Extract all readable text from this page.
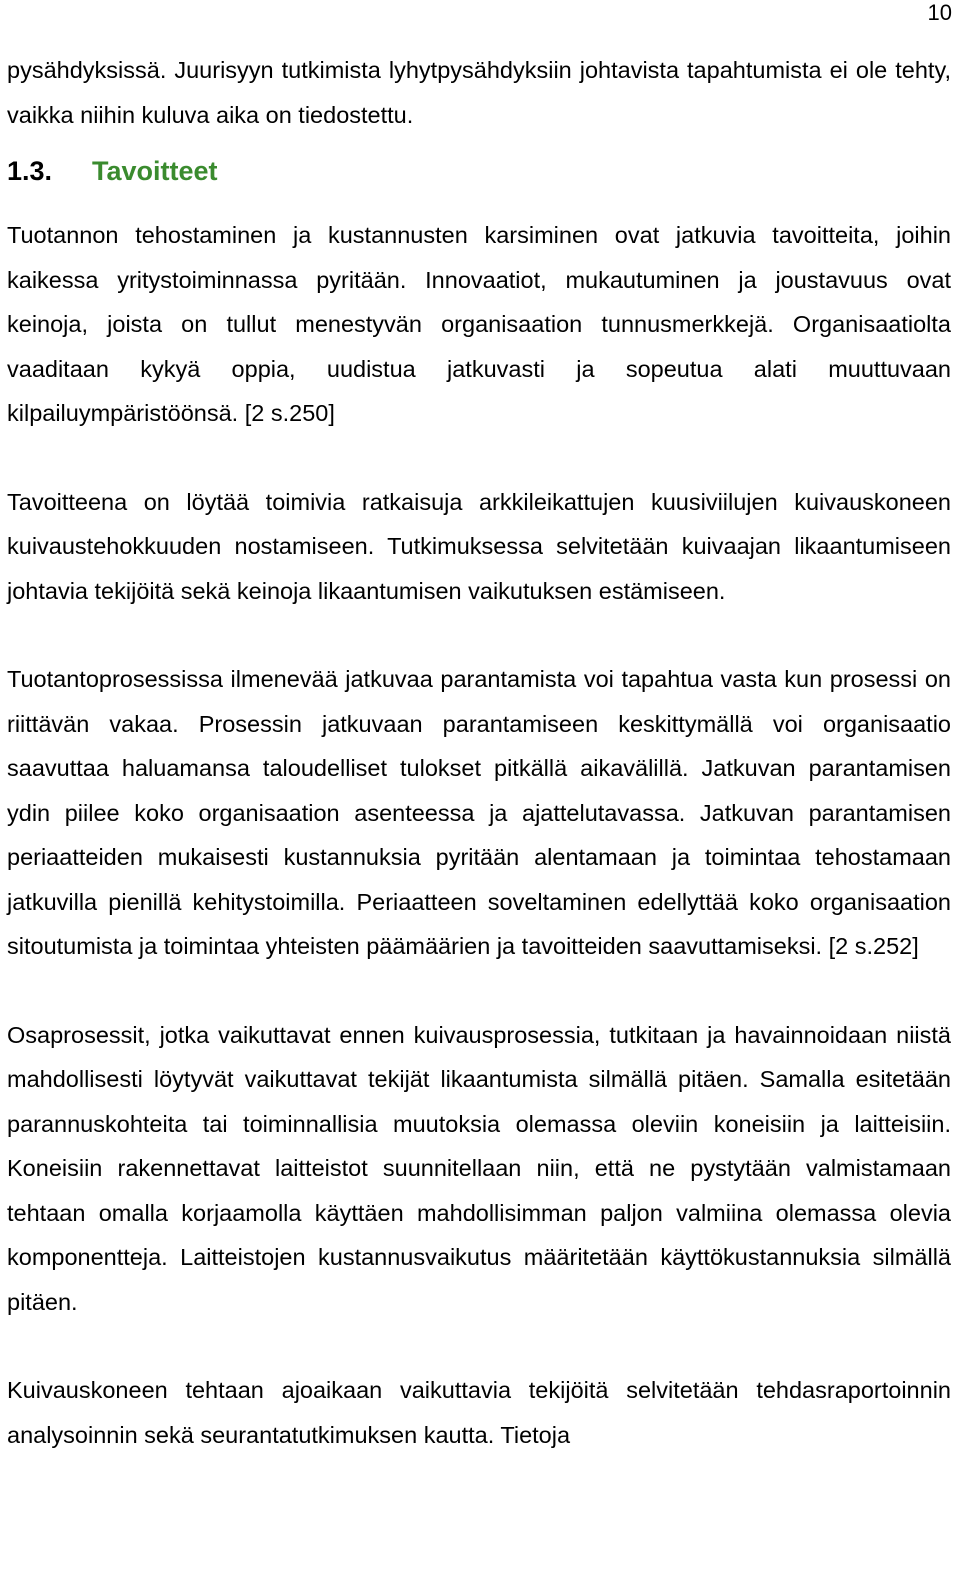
10

pysähdyksissä. Juurisyyn tutkimista lyhytpysähdyksiin johtavista tapahtumista ei ole tehty, vaikka niihin kuluva aika on tiedostettu.

1.3.	Tavoitteet

Tuotannon tehostaminen ja kustannusten karsiminen ovat jatkuvia tavoitteita, joihin kaikessa yritystoiminnassa pyritään. Innovaatiot, mukautuminen ja joustavuus ovat keinoja, joista on tullut menestyvän organisaation tunnusmerkkejä. Organisaatiolta vaaditaan kykyä oppia, uudistua jatkuvasti ja sopeutua alati muuttuvaan kilpailuympäristöönsä. [2 s.250]

Tavoitteena on löytää toimivia ratkaisuja arkkileikattujen kuusiviilujen kuivauskoneen kuivaustehokkuuden nostamiseen. Tutkimuksessa selvitetään kuivaajan likaantumiseen johtavia tekijöitä sekä keinoja likaantumisen vaikutuksen estämiseen.

Tuotantoprosessissa ilmenevää jatkuvaa parantamista voi tapahtua vasta kun prosessi on riittävän vakaa. Prosessin jatkuvaan parantamiseen keskittymällä voi organisaatio saavuttaa haluamansa taloudelliset tulokset pitkällä aikavälillä. Jatkuvan parantamisen ydin piilee koko organisaation asenteessa ja ajattelutavassa. Jatkuvan parantamisen periaatteiden mukaisesti kustannuksia pyritään alentamaan ja toimintaa tehostamaan jatkuvilla pienillä kehitystoimilla. Periaatteen soveltaminen edellyttää koko organisaation sitoutumista ja toimintaa yhteisten päämäärien ja tavoitteiden saavuttamiseksi. [2 s.252]

Osaprosessit, jotka vaikuttavat ennen kuivausprosessia, tutkitaan ja havainnoidaan niistä mahdollisesti löytyvät vaikuttavat tekijät likaantumista silmällä pitäen. Samalla esitetään parannuskohteita tai toiminnallisia muutoksia olemassa oleviin koneisiin ja laitteisiin. Koneisiin rakennettavat laitteistot suunnitellaan niin, että ne pystytään valmistamaan tehtaan omalla korjaamolla käyttäen mahdollisimman paljon valmiina olemassa olevia komponentteja. Laitteistojen kustannusvaikutus määritetään käyttökustannuksia silmällä pitäen.

Kuivauskoneen tehtaan ajoaikaan vaikuttavia tekijöitä selvitetään tehdasraportoinnin analysoinnin sekä seurantatutkimuksen kautta. Tietoja
